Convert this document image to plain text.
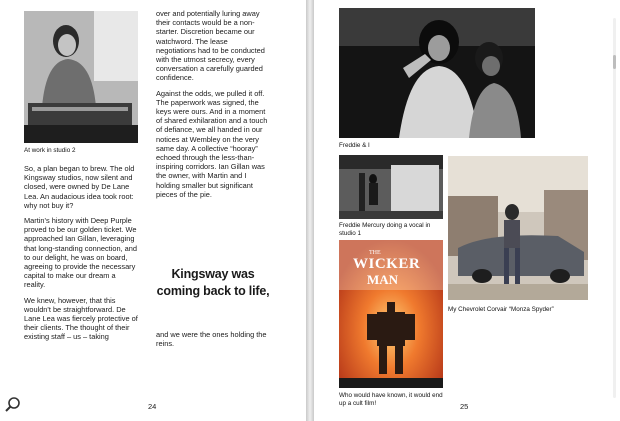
At work in studio 2

So, a plan began to brew. The old Kingsway studios, now silent and closed, were owned by De Lane Lea. An audacious idea took root: why not buy it?

Martin's history with Deep Purple proved to be our golden ticket. We approached Ian Gillan, leveraging that long-standing connection, and to our delight, he was on board, agreeing to provide the necessary capital to make our dream a reality.

We knew, however, that this wouldn't be straightforward. De Lane Lea was fiercely protective of their clients. The thought of their existing staff – us – taking

over and potentially luring away their contacts would be a non- starter. Discretion became our watchword. The lease negotiations had to be conducted with the utmost secrecy, every conversation a carefully guarded confidence.

Against the odds, we pulled it off. The paperwork was signed, the keys were ours. And in a moment of shared exhilaration and a touch of defiance, we all handed in our notices at Wembley on the very same day. A collective “hooray” echoed through the less-than-inspiring corridors. Ian Gillan was the owner, with Martin and I holding smaller but significant pieces of the pie.

Kingsway was
coming back to life,
and we were the ones holding the reins.
24
Freddie & I
Freddie Mercury doing a vocal in studio 1
THE
WICKER
MAN
Who would have known, it would end up a cult film!
My Chevrolet Corvair “Monza Spyder”
25
